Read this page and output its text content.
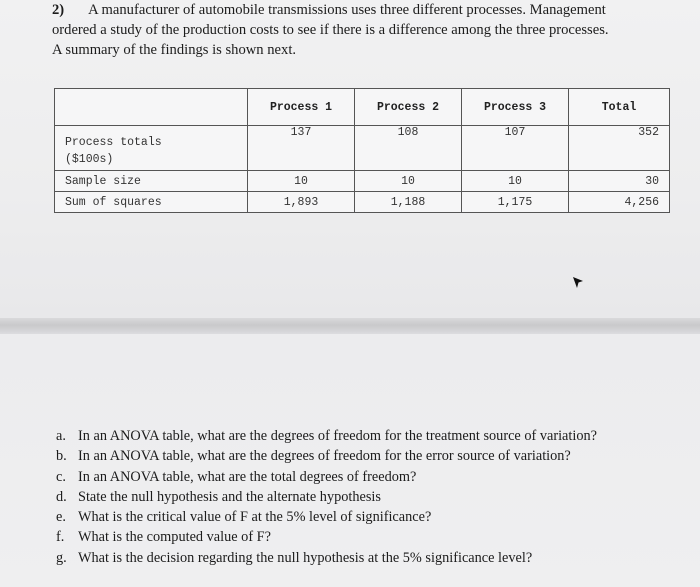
2) A manufacturer of automobile transmissions uses three different processes. Management
ordered a study of the production costs to see if there is a difference among the three processes.
A summary of the findings is shown next.
	Process 1	Process 2	Process 3	Total

Process totals
($100s)	137	108	107	352
Sample size	10	10	10	30
Sum of squares	1,893	1,188	1,175	4,256
a. In an ANOVA table, what are the degrees of freedom for the treatment source of variation?
b. In an ANOVA table, what are the degrees of freedom for the error source of variation?
c. In an ANOVA table, what are the total degrees of freedom?
d. State the null hypothesis and the alternate hypothesis
e. What is the critical value of F at the 5% level of significance?
f. What is the computed value of F?
g. What is the decision regarding the null hypothesis at the 5% significance level?
